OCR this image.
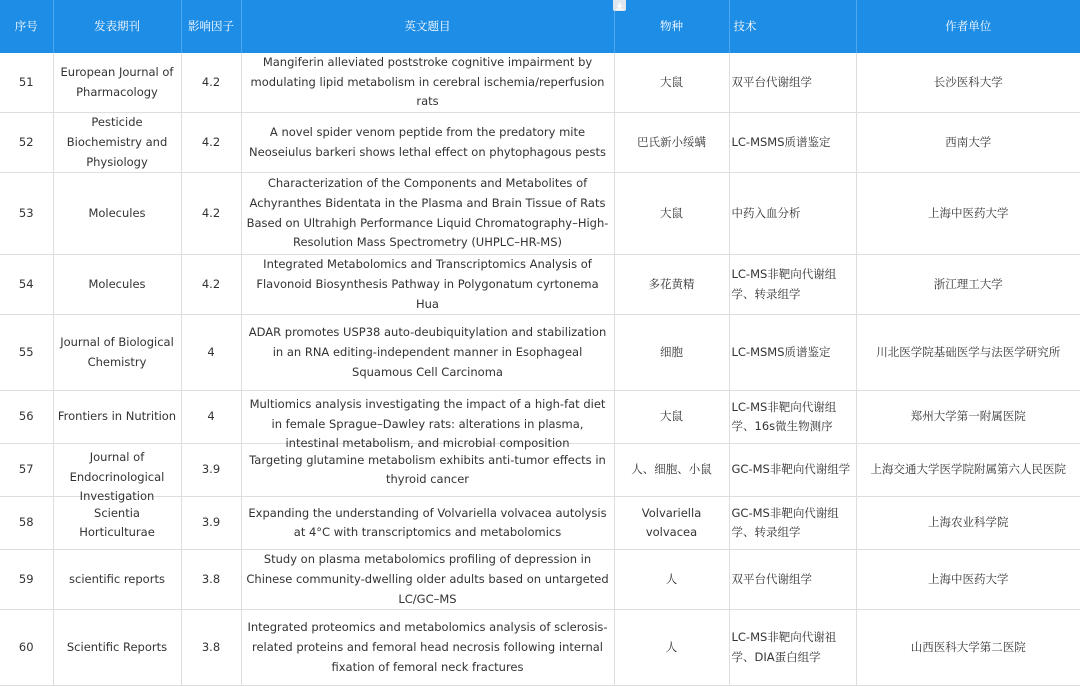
序号	发表期刊	影响因子	英文题目	物种	技术	作者单位
51	European Journal of Pharmacology	4.2	Mangiferin alleviated poststroke cognitive impairment by modulating lipid metabolism in cerebral ischemia/reperfusion rats	大鼠	双平台代谢组学	长沙医科大学
52	Pesticide Biochemistry and Physiology	4.2	A novel spider venom peptide from the predatory mite Neoseiulus barkeri shows lethal effect on phytophagous pests	巴氏新小绥螨	LC-MSMS质谱鉴定	西南大学
53	Molecules	4.2	Characterization of the Components and Metabolites of Achyranthes Bidentata in the Plasma and Brain Tissue of Rats Based on Ultrahigh Performance Liquid Chromatography–High-Resolution Mass Spectrometry (UHPLC–HR-MS)	大鼠	中药入血分析	上海中医药大学
54	Molecules	4.2	Integrated Metabolomics and Transcriptomics Analysis of Flavonoid Biosynthesis Pathway in Polygonatum cyrtonema Hua	多花黄精	LC-MS非靶向代谢组学、转录组学	浙江理工大学
55	Journal of Biological Chemistry	4	ADAR promotes USP38 auto-deubiquitylation and stabilization in an RNA editing-independent manner in Esophageal Squamous Cell Carcinoma	细胞	LC-MSMS质谱鉴定	川北医学院基础医学与法医学研究所
56	Frontiers in Nutrition	4	Multiomics analysis investigating the impact of a high-fat diet in female Sprague–Dawley rats: alterations in plasma, intestinal metabolism, and microbial composition	大鼠	LC-MS非靶向代谢组学、16s微生物测序	郑州大学第一附属医院
57	Journal of Endocrinological Investigation	3.9	Targeting glutamine metabolism exhibits anti-tumor effects in thyroid cancer	人、细胞、小鼠	GC-MS非靶向代谢组学	上海交通大学医学院附属第六人民医院
58	Scientia Horticulturae	3.9	Expanding the understanding of Volvariella volvacea autolysis at 4°C with transcriptomics and metabolomics	Volvariella volvacea	GC-MS非靶向代谢组学、转录组学	上海农业科学院
59	scientific reports	3.8	Study on plasma metabolomics profiling of depression in Chinese community-dwelling older adults based on untargeted LC/GC–MS	人	双平台代谢组学	上海中医药大学
60	Scientific Reports	3.8	Integrated proteomics and metabolomics analysis of sclerosis-related proteins and femoral head necrosis following internal fixation of femoral neck fractures	人	LC-MS非靶向代谢祖学、DIA蛋白组学	山西医科大学第二医院
